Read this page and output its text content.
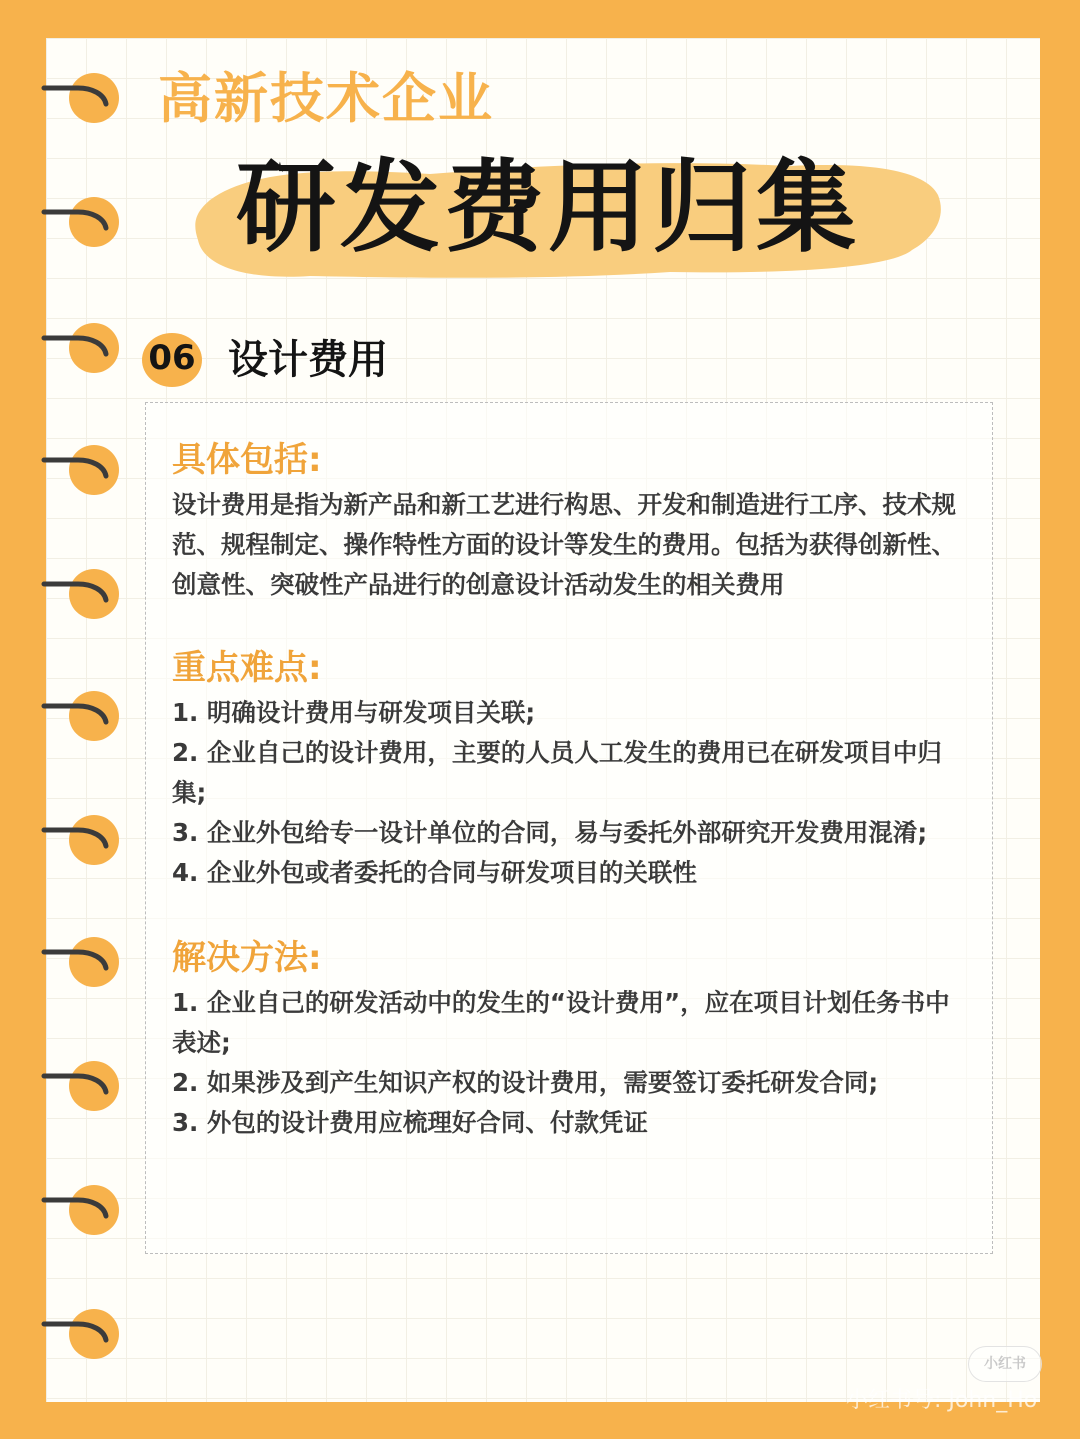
高新技术企业
研发费用归集
06 设计费用

具体包括:

设计费用是指为新产品和新工艺进行构思、开发和制造进行工序、技术规范、规程制定、操作特性方面的设计等发生的费用。包括为获得创新性、创意性、突破性产品进行的创意设计活动发生的相关费用

重点难点:

1. 明确设计费用与研发项目关联;
2. 企业自己的设计费用，主要的人员人工发生的费用已在研发项目中归集;
3. 企业外包给专一设计单位的合同，易与委托外部研究开发费用混淆;
4. 企业外包或者委托的合同与研发项目的关联性

解决方法:

1. 企业自己的研发活动中的发生的“设计费用”，应在项目计划任务书中表述;
2. 如果涉及到产生知识产权的设计费用，需要签订委托研发合同;
3. 外包的设计费用应梳理好合同、付款凭证
小红书
小红书号: John_Ho
